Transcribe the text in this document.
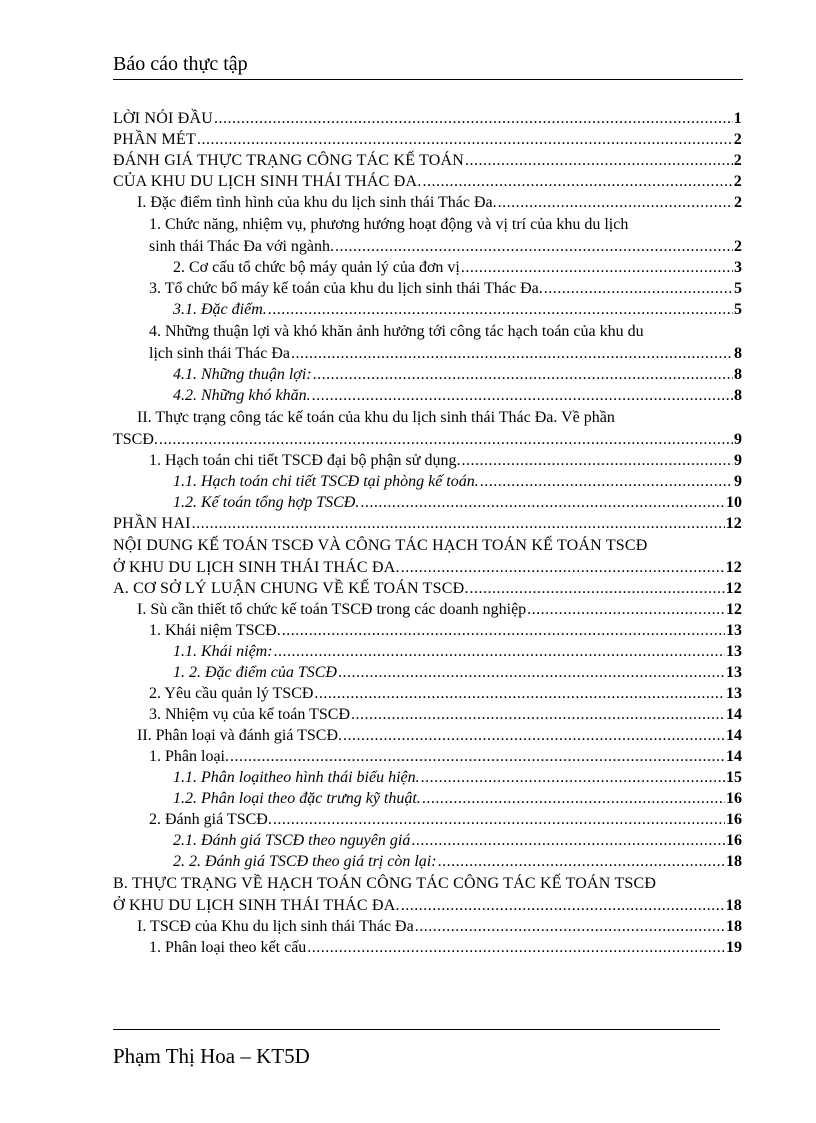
Báo cáo thực tập
LỜI NÓI ĐẦU .....	1
PHẦN MÉT .....	2
ĐÁNH GIÁ THỰC TRẠNG CÔNG TÁC KẾ TOÁN .....	2
CỦA KHU DU LỊCH SINH THÁI THÁC ĐA. .....	2
I. Đặc điểm tình hình của khu du lịch sinh thái Thác Đa. .....	2
1. Chức năng, nhiệm vụ, phương hướng hoạt động và vị trí của khu du lịch
sinh thái Thác Đa với ngành. .....	2
2. Cơ cấu tổ chức bộ máy quản lý của đơn vị .....	3
3. Tổ chức bổ máy kế toán của khu du lịch sinh thái Thác Đa. .....	5
3.1. Đặc điểm. .....	5
4. Những thuận lợi và khó khăn ảnh hưởng tới công tác hạch toán của khu du
lịch sinh thái Thác Đa .....	8
4.1. Những thuận lợi: .....	8
4.2. Những khó khăn. .....	8
II. Thực trạng công tác kế toán của khu du lịch sinh thái Thác Đa. Về phần
TSCĐ. .....	9
1. Hạch toán chi tiết TSCĐ đại bộ phận sử dụng. .....	9
1.1. Hạch toán chi tiết TSCĐ tại phòng kế toán. .....	9
1.2. Kế toán tổng hợp TSCĐ. .....	10
PHẦN HAI .....	12
NỘI DUNG KẾ TOÁN TSCĐ VÀ CÔNG TÁC HẠCH TOÁN KẾ TOÁN TSCĐ
Ở KHU DU LỊCH SINH THÁI THÁC ĐA. .....	12
A. CƠ SỞ LÝ LUẬN CHUNG VỀ KẾ TOÁN TSCĐ. .....	12
I. Sù cần thiết tổ chức kế toán TSCĐ trong các doanh nghiệp .....	12
1. Khái niệm TSCĐ. .....	13
1.1. Khái niệm: .....	13
1. 2. Đặc điểm của TSCĐ .....	13
2. Yêu cầu quản lý TSCĐ .....	13
3. Nhiệm vụ của kế toán TSCĐ .....	14
II. Phân loại và đánh giá TSCĐ. .....	14
1. Phân loại. .....	14
1.1. Phân loạitheo hình thái biểu hiện. .....	15
1.2. Phân loại theo đặc trưng kỹ thuật. .....	16
2. Đánh giá TSCĐ. .....	16
2.1. Đánh giá TSCĐ theo nguyên giá .....	16
2. 2. Đánh giá TSCĐ theo giá trị còn lại: .....	18
B. THỰC TRẠNG VỀ HẠCH TOÁN CÔNG TÁC CÔNG TÁC KẾ TOÁN TSCĐ
Ở KHU DU LỊCH SINH THÁI THÁC ĐA. .....	18
I. TSCĐ của Khu du lịch sinh thái Thác Đa .....	18
1. Phân loại theo kết cấu .....	19
Phạm Thị Hoa – KT5D
